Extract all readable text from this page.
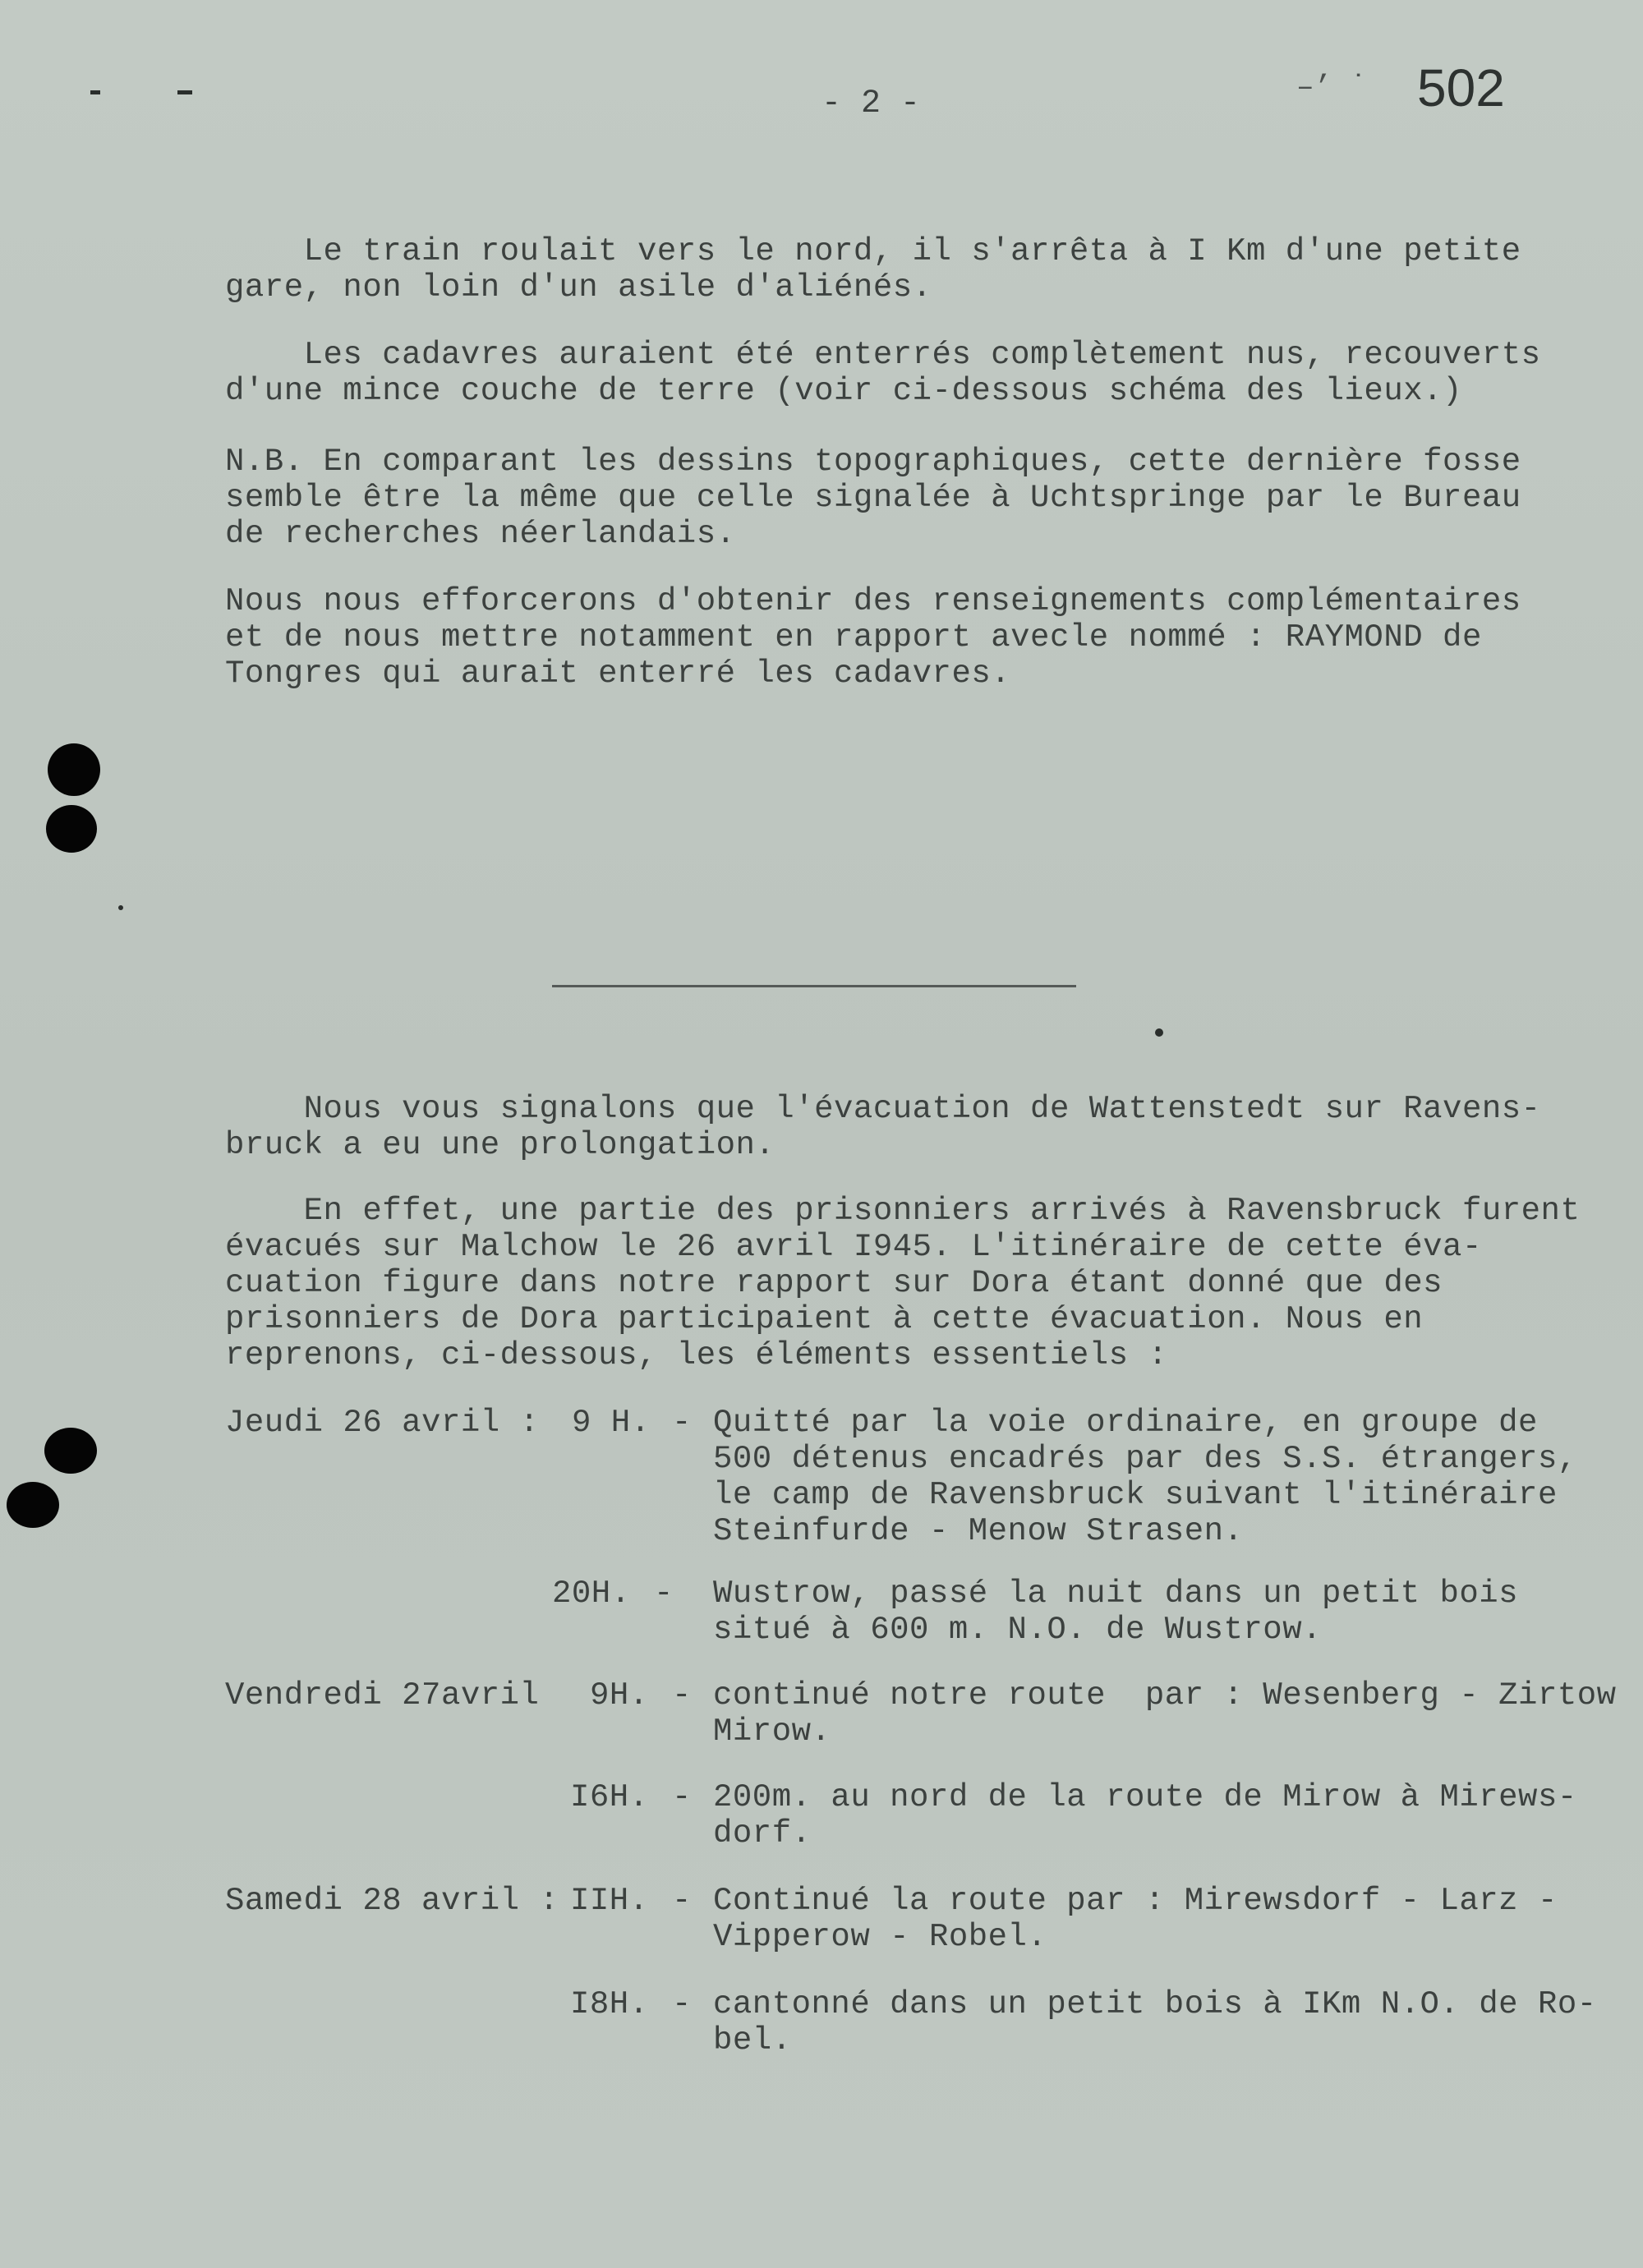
- 2 -	–’ ˙ 502
Le train roulait vers le nord, il s'arrêta à I Km d'une petite
gare, non loin d'un asile d'aliénés.
Les cadavres auraient été enterrés complètement nus, recouverts
d'une mince couche de terre (voir ci-dessous schéma des lieux.)
N.B. En comparant les dessins topographiques, cette dernière fosse
semble être la même que celle signalée à Uchtspringe par le Bureau
de recherches néerlandais.
Nous nous efforcerons d'obtenir des renseignements complémentaires
et de nous mettre notamment en rapport avecle nommé : RAYMOND de
Tongres qui aurait enterré les cadavres.
Nous vous signalons que l'évacuation de Wattenstedt sur Ravens-
bruck a eu une prolongation.
En effet, une partie des prisonniers arrivés à Ravensbruck furent
évacués sur Malchow le 26 avril I945. L'itinéraire de cette éva-
cuation figure dans notre rapport sur Dora étant donné que des
prisonniers de Dora participaient à cette évacuation. Nous en
reprenons, ci-dessous, les éléments essentiels :
Jeudi 26 avril : 9 H. - Quitté par la voie ordinaire, en groupe de
500 détenus encadrés par des S.S. étrangers,
le camp de Ravensbruck suivant l'itinéraire
Steinfurde - Menow Strasen.
20H. - Wustrow, passé la nuit dans un petit bois
situé à 600 m. N.O. de Wustrow.
Vendredi 27avril 9H. - continué notre route  par : Wesenberg - Zirtow
Mirow.
I6H. - 200m. au nord de la route de Mirow à Mirews-
dorf.
Samedi 28 avril : IIH. - Continué la route par : Mirewsdorf - Larz -
Vipperow - Robel.
I8H. - cantonné dans un petit bois à IKm N.O. de Ro-
bel.
